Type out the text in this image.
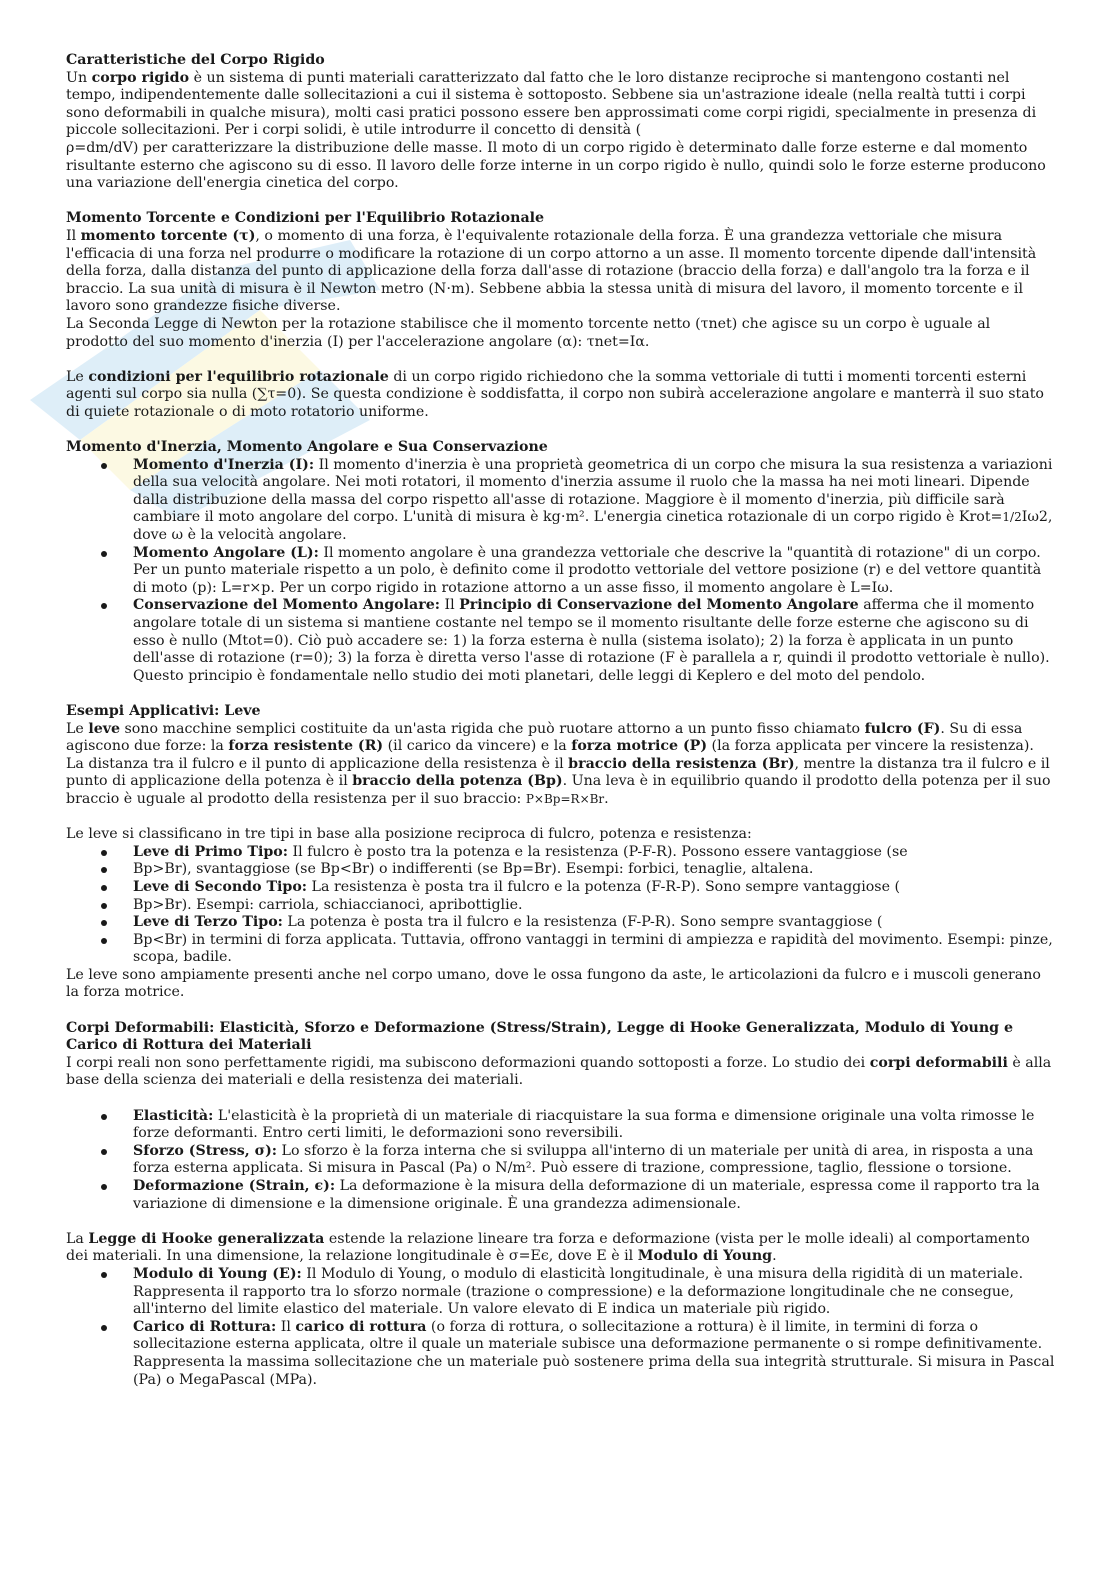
Caratteristiche del Corpo Rigido

Un corpo rigido è un sistema di punti materiali caratterizzato dal fatto che le loro distanze reciproche si mantengono costanti nel tempo, indipendentemente dalle sollecitazioni a cui il sistema è sottoposto. Sebbene sia un'astrazione ideale (nella realtà tutti i corpi sono deformabili in qualche misura), molti casi pratici possono essere ben approssimati come corpi rigidi, specialmente in presenza di piccole sollecitazioni. Per i corpi solidi, è utile introdurre il concetto di densità (
ρ=dm/dV) per caratterizzare la distribuzione delle masse. Il moto di un corpo rigido è determinato dalle forze esterne e dal momento risultante esterno che agiscono su di esso. Il lavoro delle forze interne in un corpo rigido è nullo, quindi solo le forze esterne producono una variazione dell'energia cinetica del corpo.

Momento Torcente e Condizioni per l'Equilibrio Rotazionale

Il momento torcente (τ), o momento di una forza, è l'equivalente rotazionale della forza. È una grandezza vettoriale che misura l'efficacia di una forza nel produrre o modificare la rotazione di un corpo attorno a un asse. Il momento torcente dipende dall'intensità della forza, dalla distanza del punto di applicazione della forza dall'asse di rotazione (braccio della forza) e dall'angolo tra la forza e il braccio. La sua unità di misura è il Newton metro (N⋅m). Sebbene abbia la stessa unità di misura del lavoro, il momento torcente e il lavoro sono grandezze fisiche diverse.

La Seconda Legge di Newton per la rotazione stabilisce che il momento torcente netto (τnet) che agisce su un corpo è uguale al prodotto del suo momento d'inerzia (I) per l'accelerazione angolare (α): τnet=Iα.

Le condizioni per l'equilibrio rotazionale di un corpo rigido richiedono che la somma vettoriale di tutti i momenti torcenti esterni agenti sul corpo sia nulla (∑τ=0). Se questa condizione è soddisfatta, il corpo non subirà accelerazione angolare e manterrà il suo stato di quiete rotazionale o di moto rotatorio uniforme.

Momento d'Inerzia, Momento Angolare e Sua Conservazione

Momento d'Inerzia (I): Il momento d'inerzia è una proprietà geometrica di un corpo che misura la sua resistenza a variazioni della sua velocità angolare. Nei moti rotatori, il momento d'inerzia assume il ruolo che la massa ha nei moti lineari. Dipende dalla distribuzione della massa del corpo rispetto all'asse di rotazione. Maggiore è il momento d'inerzia, più difficile sarà cambiare il moto angolare del corpo. L'unità di misura è kg⋅m². L'energia cinetica rotazionale di un corpo rigido è Krot=1/2Iω2, dove ω è la velocità angolare.
Momento Angolare (L): Il momento angolare è una grandezza vettoriale che descrive la "quantità di rotazione" di un corpo. Per un punto materiale rispetto a un polo, è definito come il prodotto vettoriale del vettore posizione (r) e del vettore quantità di moto (p): L=r×p. Per un corpo rigido in rotazione attorno a un asse fisso, il momento angolare è L=Iω.
Conservazione del Momento Angolare: Il Principio di Conservazione del Momento Angolare afferma che il momento angolare totale di un sistema si mantiene costante nel tempo se il momento risultante delle forze esterne che agiscono su di esso è nullo (Mtot=0). Ciò può accadere se: 1) la forza esterna è nulla (sistema isolato); 2) la forza è applicata in un punto dell'asse di rotazione (r=0); 3) la forza è diretta verso l'asse di rotazione (F è parallela a r, quindi il prodotto vettoriale è nullo). Questo principio è fondamentale nello studio dei moti planetari, delle leggi di Keplero e del moto del pendolo.

Esempi Applicativi: Leve

Le leve sono macchine semplici costituite da un'asta rigida che può ruotare attorno a un punto fisso chiamato fulcro (F). Su di essa agiscono due forze: la forza resistente (R) (il carico da vincere) e la forza motrice (P) (la forza applicata per vincere la resistenza). La distanza tra il fulcro e il punto di applicazione della resistenza è il braccio della resistenza (Br), mentre la distanza tra il fulcro e il punto di applicazione della potenza è il braccio della potenza (Bp). Una leva è in equilibrio quando il prodotto della potenza per il suo braccio è uguale al prodotto della resistenza per il suo braccio: P×Bp=R×Br.

Le leve si classificano in tre tipi in base alla posizione reciproca di fulcro, potenza e resistenza:

Leve di Primo Tipo: Il fulcro è posto tra la potenza e la resistenza (P-F-R). Possono essere vantaggiose (se
Bp>Br), svantaggiose (se Bp<Br) o indifferenti (se Bp=Br). Esempi: forbici, tenaglie, altalena.
Leve di Secondo Tipo: La resistenza è posta tra il fulcro e la potenza (F-R-P). Sono sempre vantaggiose (
Bp>Br). Esempi: carriola, schiaccianoci, apribottiglie.
Leve di Terzo Tipo: La potenza è posta tra il fulcro e la resistenza (F-P-R). Sono sempre svantaggiose (
Bp<Br) in termini di forza applicata. Tuttavia, offrono vantaggi in termini di ampiezza e rapidità del movimento. Esempi: pinze, scopa, badile.

Le leve sono ampiamente presenti anche nel corpo umano, dove le ossa fungono da aste, le articolazioni da fulcro e i muscoli generano la forza motrice.

Corpi Deformabili: Elasticità, Sforzo e Deformazione (Stress/Strain), Legge di Hooke Generalizzata, Modulo di Young e Carico di Rottura dei Materiali

I corpi reali non sono perfettamente rigidi, ma subiscono deformazioni quando sottoposti a forze. Lo studio dei corpi deformabili è alla base della scienza dei materiali e della resistenza dei materiali.

Elasticità: L'elasticità è la proprietà di un materiale di riacquistare la sua forma e dimensione originale una volta rimosse le forze deformanti. Entro certi limiti, le deformazioni sono reversibili.
Sforzo (Stress, σ): Lo sforzo è la forza interna che si sviluppa all'interno di un materiale per unità di area, in risposta a una forza esterna applicata. Si misura in Pascal (Pa) o N/m². Può essere di trazione, compressione, taglio, flessione o torsione.
Deformazione (Strain, ϵ): La deformazione è la misura della deformazione di un materiale, espressa come il rapporto tra la variazione di dimensione e la dimensione originale. È una grandezza adimensionale.

La Legge di Hooke generalizzata estende la relazione lineare tra forza e deformazione (vista per le molle ideali) al comportamento dei materiali. In una dimensione, la relazione longitudinale è σ=Eϵ, dove E è il Modulo di Young.

Modulo di Young (E): Il Modulo di Young, o modulo di elasticità longitudinale, è una misura della rigidità di un materiale. Rappresenta il rapporto tra lo sforzo normale (trazione o compressione) e la deformazione longitudinale che ne consegue, all'interno del limite elastico del materiale. Un valore elevato di E indica un materiale più rigido.
Carico di Rottura: Il carico di rottura (o forza di rottura, o sollecitazione a rottura) è il limite, in termini di forza o sollecitazione esterna applicata, oltre il quale un materiale subisce una deformazione permanente o si rompe definitivamente. Rappresenta la massima sollecitazione che un materiale può sostenere prima della sua integrità strutturale. Si misura in Pascal (Pa) o MegaPascal (MPa).
